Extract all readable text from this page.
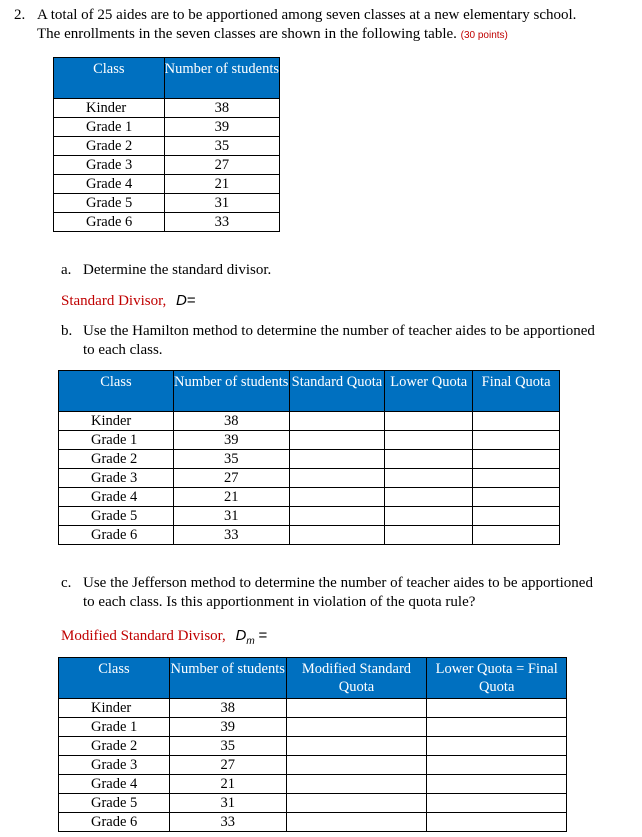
2. A total of 25 aides are to be apportioned among seven classes at a new elementary school.
The enrollments in the seven classes are shown in the following table. (30 points)
Class	Number of students
Kinder	38
Grade 1	39
Grade 2	35
Grade 3	27
Grade 4	21
Grade 5	31
Grade 6	33
a. Determine the standard divisor.
Standard Divisor, D=
b. Use the Hamilton method to determine the number of teacher aides to be apportioned
to each class.
Class	Number of students	Standard Quota	Lower Quota	Final Quota
Kinder	38			
Grade 1	39			
Grade 2	35			
Grade 3	27			
Grade 4	21			
Grade 5	31			
Grade 6	33			
c. Use the Jefferson method to determine the number of teacher aides to be apportioned
to each class. Is this apportionment in violation of the quota rule?
Modified Standard Divisor, $D_m$ =
Class	Number of students	Modified Standard Quota	Lower Quota = Final Quota
Kinder	38		
Grade 1	39		
Grade 2	35		
Grade 3	27		
Grade 4	21		
Grade 5	31		
Grade 6	33		
